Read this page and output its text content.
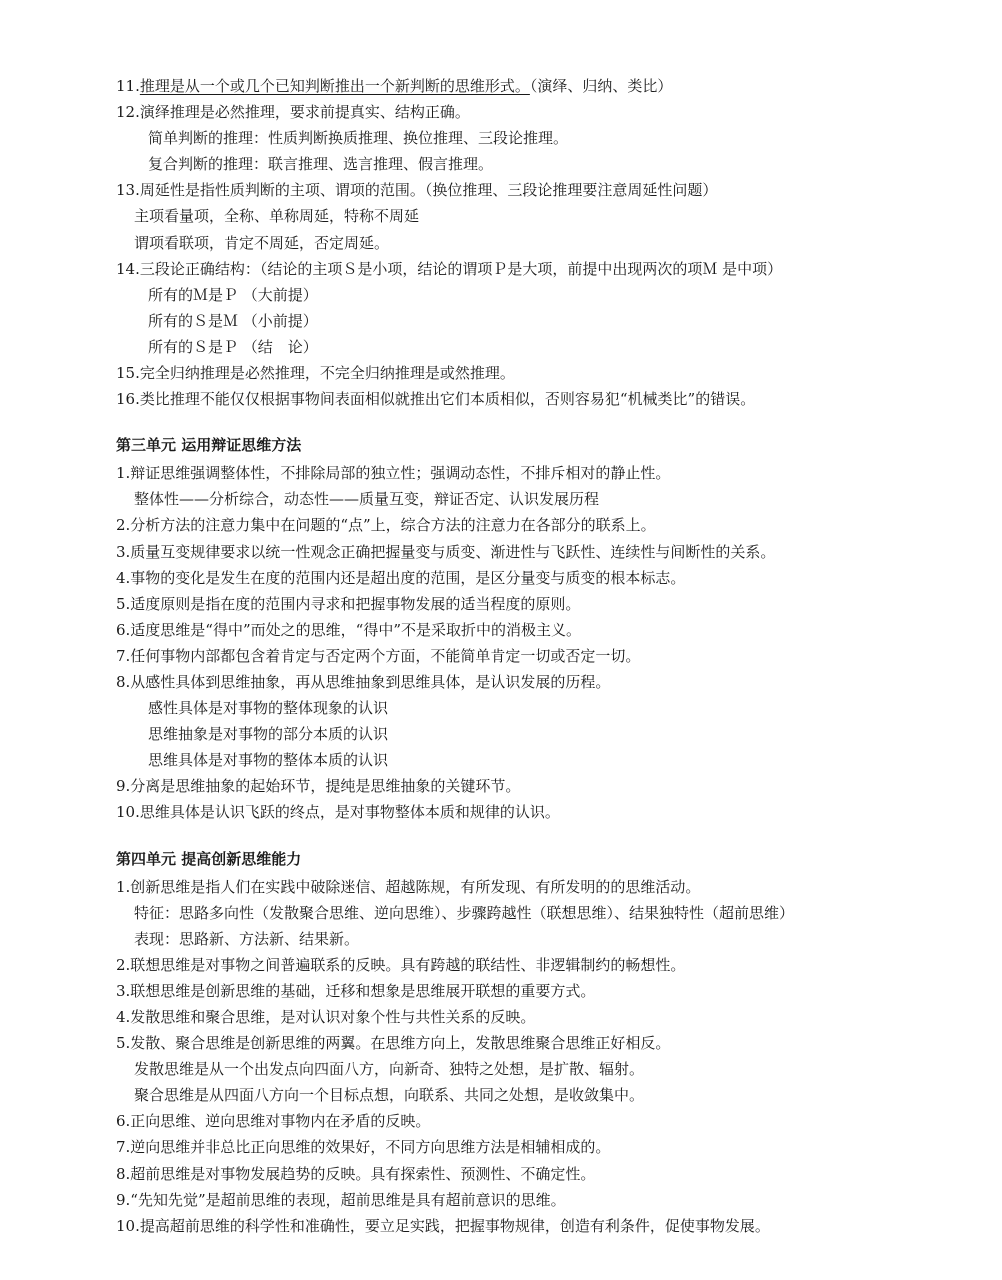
11.推理是从一个或几个已知判断推出一个新判断的思维形式。（演绎、归纳、类比）
12.演绎推理是必然推理，要求前提真实、结构正确。
简单判断的推理：性质判断换质推理、换位推理、三段论推理。
复合判断的推理：联言推理、选言推理、假言推理。
13.周延性是指性质判断的主项、谓项的范围。（换位推理、三段论推理要注意周延性问题）
主项看量项，全称、单称周延，特称不周延
谓项看联项，肯定不周延，否定周延。
14.三段论正确结构：（结论的主项Ｓ是小项，结论的谓项Ｐ是大项，前提中出现两次的项Ｍ 是中项）
所有的Ｍ是Ｐ （大前提）
所有的Ｓ是Ｍ （小前提）
所有的Ｓ是Ｐ （结　论）
15.完全归纳推理是必然推理，不完全归纳推理是或然推理。
16.类比推理不能仅仅根据事物间表面相似就推出它们本质相似，否则容易犯“机械类比”的错误。
第三单元 运用辩证思维方法
1.辩证思维强调整体性，不排除局部的独立性；强调动态性，不排斥相对的静止性。
整体性——分析综合，动态性——质量互变，辩证否定、认识发展历程
2.分析方法的注意力集中在问题的“点”上，综合方法的注意力在各部分的联系上。
3.质量互变规律要求以统一性观念正确把握量变与质变、渐进性与飞跃性、连续性与间断性的关系。
4.事物的变化是发生在度的范围内还是超出度的范围，是区分量变与质变的根本标志。
5.适度原则是指在度的范围内寻求和把握事物发展的适当程度的原则。
6.适度思维是“得中”而处之的思维，“得中”不是采取折中的消极主义。
7.任何事物内部都包含着肯定与否定两个方面，不能简单肯定一切或否定一切。
8.从感性具体到思维抽象，再从思维抽象到思维具体，是认识发展的历程。
感性具体是对事物的整体现象的认识
思维抽象是对事物的部分本质的认识
思维具体是对事物的整体本质的认识
9.分离是思维抽象的起始环节，提纯是思维抽象的关键环节。
10.思维具体是认识飞跃的终点，是对事物整体本质和规律的认识。
第四单元 提高创新思维能力
1.创新思维是指人们在实践中破除迷信、超越陈规，有所发现、有所发明的的思维活动。
特征：思路多向性（发散聚合思维、逆向思维）、步骤跨越性（联想思维）、结果独特性（超前思维）
表现：思路新、方法新、结果新。
2.联想思维是对事物之间普遍联系的反映。具有跨越的联结性、非逻辑制约的畅想性。
3.联想思维是创新思维的基础，迁移和想象是思维展开联想的重要方式。
4.发散思维和聚合思维，是对认识对象个性与共性关系的反映。
5.发散、聚合思维是创新思维的两翼。在思维方向上，发散思维聚合思维正好相反。
发散思维是从一个出发点向四面八方，向新奇、独特之处想，是扩散、辐射。
聚合思维是从四面八方向一个目标点想，向联系、共同之处想，是收敛集中。
6.正向思维、逆向思维对事物内在矛盾的反映。
7.逆向思维并非总比正向思维的效果好，不同方向思维方法是相辅相成的。
8.超前思维是对事物发展趋势的反映。具有探索性、预测性、不确定性。
9.“先知先觉”是超前思维的表现，超前思维是具有超前意识的思维。
10.提高超前思维的科学性和准确性，要立足实践，把握事物规律，创造有利条件，促使事物发展。
